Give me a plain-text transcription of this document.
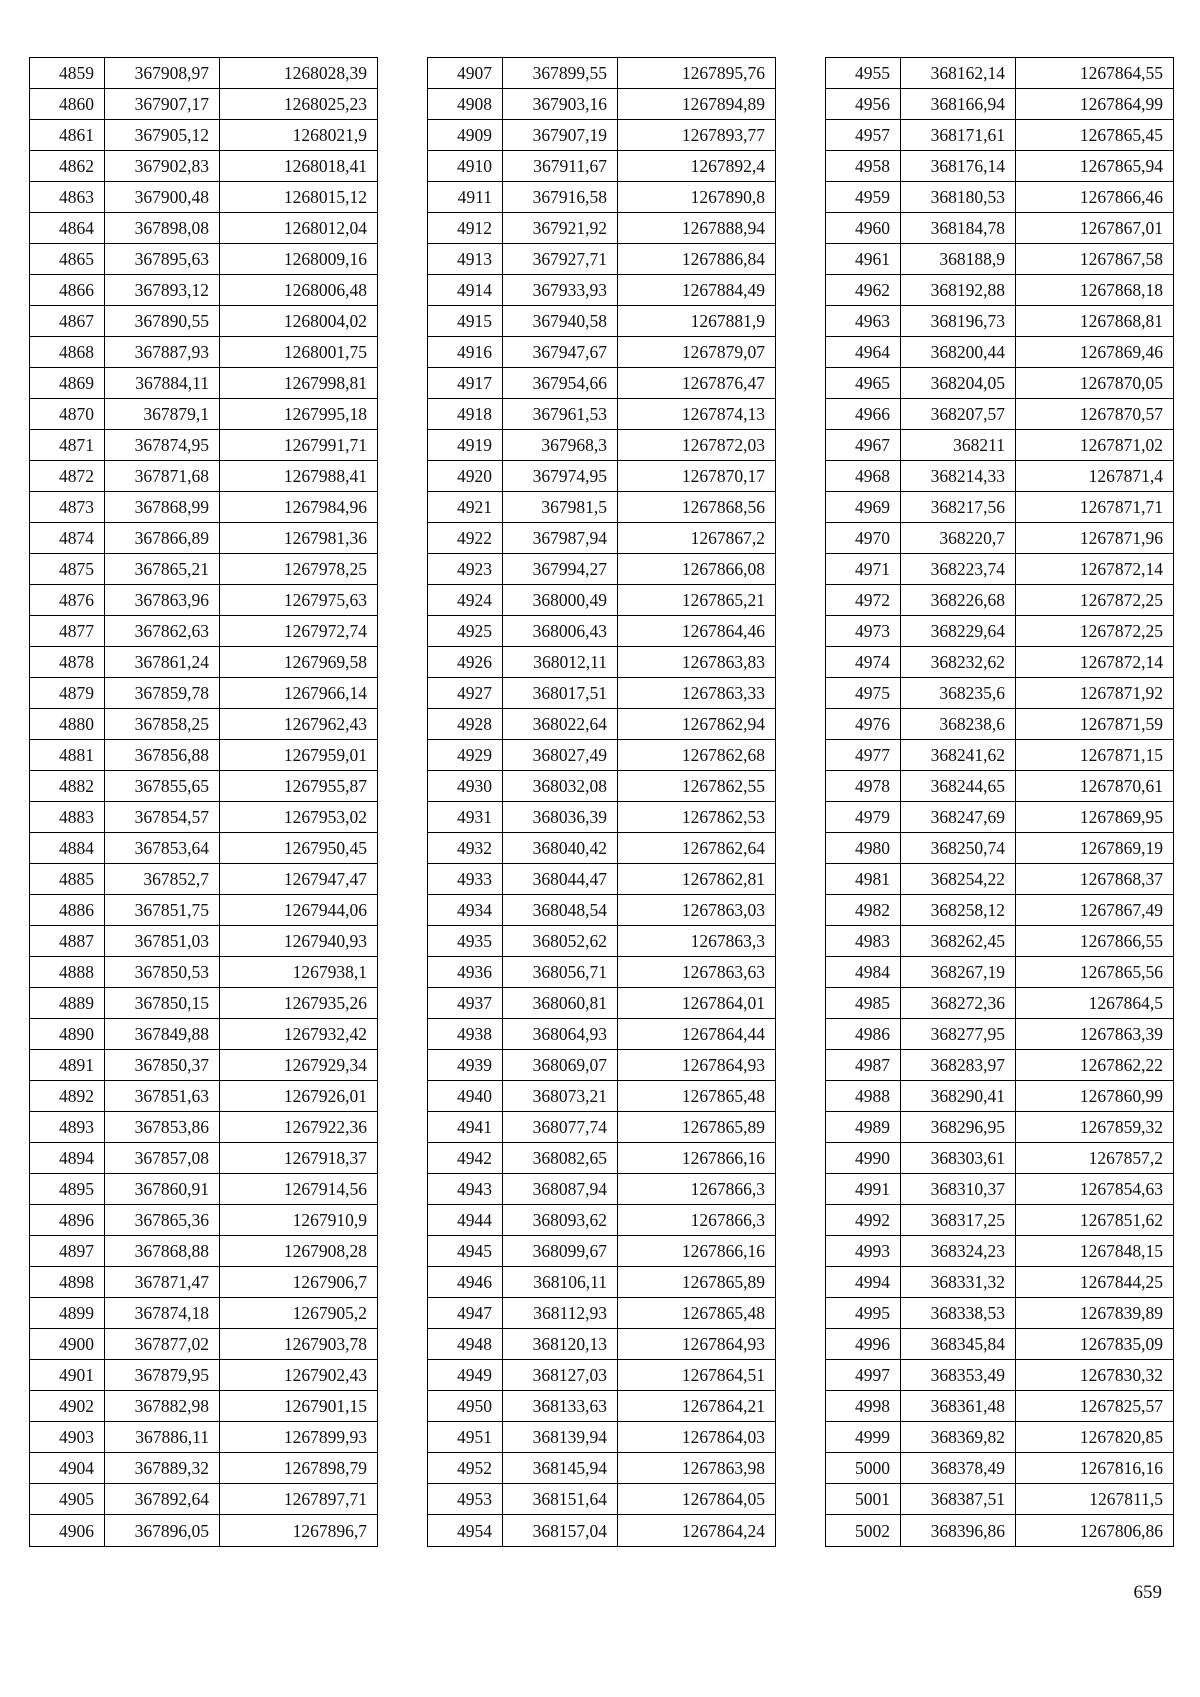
4859	367908,97	1268028,39
4860	367907,17	1268025,23
4861	367905,12	1268021,9
4862	367902,83	1268018,41
4863	367900,48	1268015,12
4864	367898,08	1268012,04
4865	367895,63	1268009,16
4866	367893,12	1268006,48
4867	367890,55	1268004,02
4868	367887,93	1268001,75
4869	367884,11	1267998,81
4870	367879,1	1267995,18
4871	367874,95	1267991,71
4872	367871,68	1267988,41
4873	367868,99	1267984,96
4874	367866,89	1267981,36
4875	367865,21	1267978,25
4876	367863,96	1267975,63
4877	367862,63	1267972,74
4878	367861,24	1267969,58
4879	367859,78	1267966,14
4880	367858,25	1267962,43
4881	367856,88	1267959,01
4882	367855,65	1267955,87
4883	367854,57	1267953,02
4884	367853,64	1267950,45
4885	367852,7	1267947,47
4886	367851,75	1267944,06
4887	367851,03	1267940,93
4888	367850,53	1267938,1
4889	367850,15	1267935,26
4890	367849,88	1267932,42
4891	367850,37	1267929,34
4892	367851,63	1267926,01
4893	367853,86	1267922,36
4894	367857,08	1267918,37
4895	367860,91	1267914,56
4896	367865,36	1267910,9
4897	367868,88	1267908,28
4898	367871,47	1267906,7
4899	367874,18	1267905,2
4900	367877,02	1267903,78
4901	367879,95	1267902,43
4902	367882,98	1267901,15
4903	367886,11	1267899,93
4904	367889,32	1267898,79
4905	367892,64	1267897,71
4906	367896,05	1267896,7
4907	367899,55	1267895,76
4908	367903,16	1267894,89
4909	367907,19	1267893,77
4910	367911,67	1267892,4
4911	367916,58	1267890,8
4912	367921,92	1267888,94
4913	367927,71	1267886,84
4914	367933,93	1267884,49
4915	367940,58	1267881,9
4916	367947,67	1267879,07
4917	367954,66	1267876,47
4918	367961,53	1267874,13
4919	367968,3	1267872,03
4920	367974,95	1267870,17
4921	367981,5	1267868,56
4922	367987,94	1267867,2
4923	367994,27	1267866,08
4924	368000,49	1267865,21
4925	368006,43	1267864,46
4926	368012,11	1267863,83
4927	368017,51	1267863,33
4928	368022,64	1267862,94
4929	368027,49	1267862,68
4930	368032,08	1267862,55
4931	368036,39	1267862,53
4932	368040,42	1267862,64
4933	368044,47	1267862,81
4934	368048,54	1267863,03
4935	368052,62	1267863,3
4936	368056,71	1267863,63
4937	368060,81	1267864,01
4938	368064,93	1267864,44
4939	368069,07	1267864,93
4940	368073,21	1267865,48
4941	368077,74	1267865,89
4942	368082,65	1267866,16
4943	368087,94	1267866,3
4944	368093,62	1267866,3
4945	368099,67	1267866,16
4946	368106,11	1267865,89
4947	368112,93	1267865,48
4948	368120,13	1267864,93
4949	368127,03	1267864,51
4950	368133,63	1267864,21
4951	368139,94	1267864,03
4952	368145,94	1267863,98
4953	368151,64	1267864,05
4954	368157,04	1267864,24
4955	368162,14	1267864,55
4956	368166,94	1267864,99
4957	368171,61	1267865,45
4958	368176,14	1267865,94
4959	368180,53	1267866,46
4960	368184,78	1267867,01
4961	368188,9	1267867,58
4962	368192,88	1267868,18
4963	368196,73	1267868,81
4964	368200,44	1267869,46
4965	368204,05	1267870,05
4966	368207,57	1267870,57
4967	368211	1267871,02
4968	368214,33	1267871,4
4969	368217,56	1267871,71
4970	368220,7	1267871,96
4971	368223,74	1267872,14
4972	368226,68	1267872,25
4973	368229,64	1267872,25
4974	368232,62	1267872,14
4975	368235,6	1267871,92
4976	368238,6	1267871,59
4977	368241,62	1267871,15
4978	368244,65	1267870,61
4979	368247,69	1267869,95
4980	368250,74	1267869,19
4981	368254,22	1267868,37
4982	368258,12	1267867,49
4983	368262,45	1267866,55
4984	368267,19	1267865,56
4985	368272,36	1267864,5
4986	368277,95	1267863,39
4987	368283,97	1267862,22
4988	368290,41	1267860,99
4989	368296,95	1267859,32
4990	368303,61	1267857,2
4991	368310,37	1267854,63
4992	368317,25	1267851,62
4993	368324,23	1267848,15
4994	368331,32	1267844,25
4995	368338,53	1267839,89
4996	368345,84	1267835,09
4997	368353,49	1267830,32
4998	368361,48	1267825,57
4999	368369,82	1267820,85
5000	368378,49	1267816,16
5001	368387,51	1267811,5
5002	368396,86	1267806,86
659
